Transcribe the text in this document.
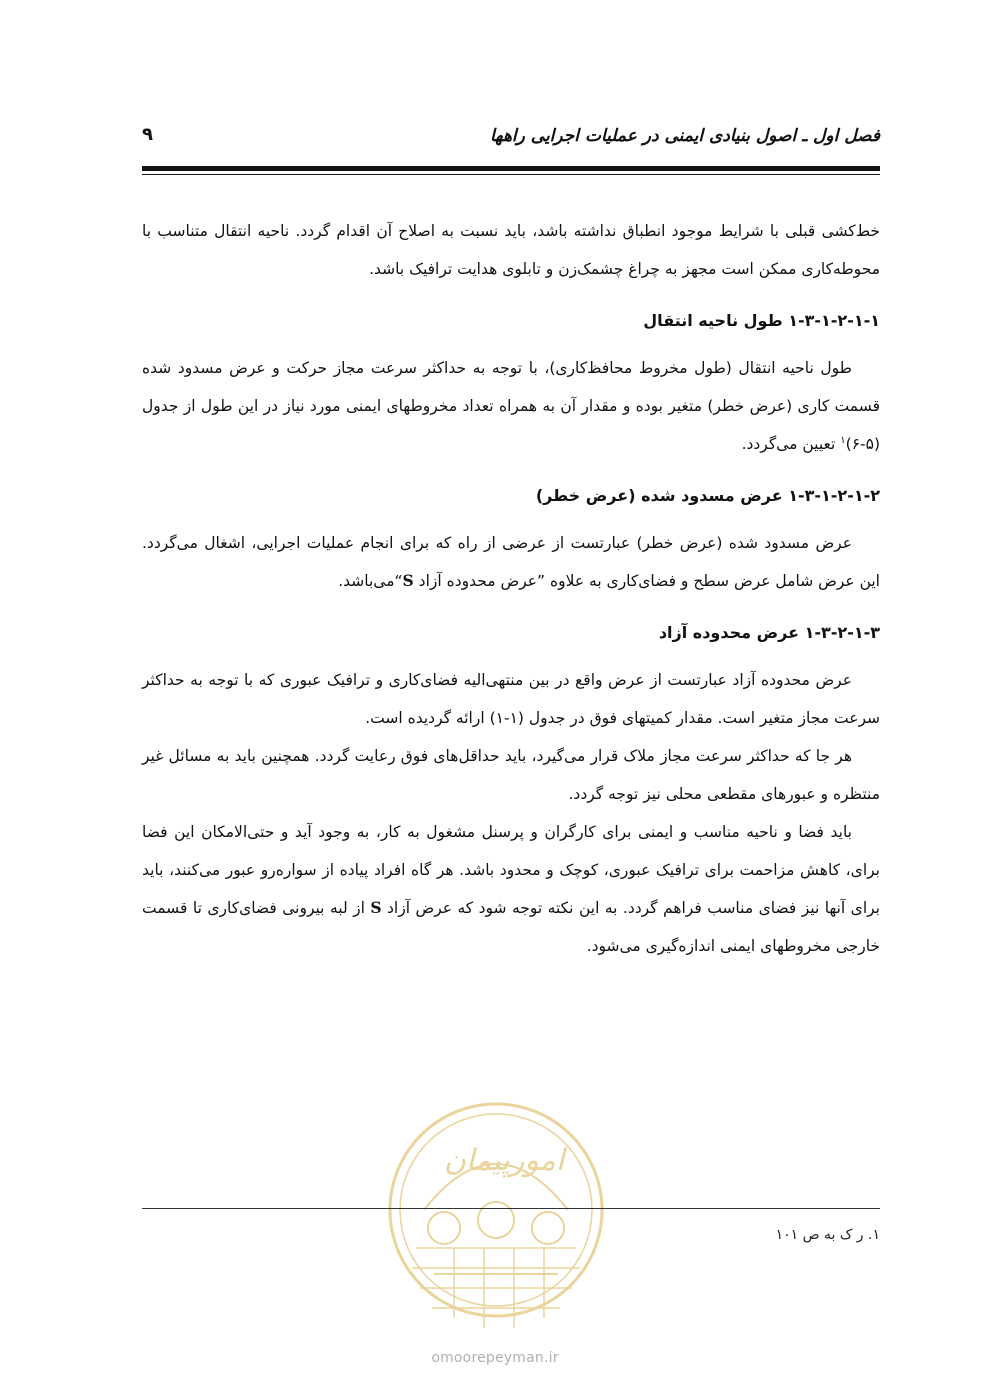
فصل اول ـ اصول بنیادی ایمنی در عملیات اجرایی راهها
۹

خط‌کشی قبلی با شرایط موجود انطباق نداشته باشد، باید نسبت به اصلاح آن اقدام گردد. ناحیه انتقال متناسب با محوطه‌کاری ممکن است مجهز به چراغ چشمک‌زن و تابلوی هدایت ترافیک باشد.

۱-۳-۱-۲-۱-۱ طول ناحیه انتقال

طول ناحیه انتقال (طول مخروط محافظ‌کاری)، با توجه به حداکثر سرعت مجاز حرکت و عرض مسدود شده قسمت کاری (عرض خطر) متغیر بوده و مقدار آن به همراه تعداد مخروطهای ایمنی مورد نیاز در این طول از جدول (۵-۶)$^۱$ تعیین می‌گردد.

۱-۳-۱-۲-۱-۲ عرض مسدود شده (عرض خطر)

عرض مسدود شده (عرض خطر) عبارتست از عرضی از راه که برای انجام عملیات اجرایی، اشغال می‌گردد. این عرض شامل عرض سطح و فضای‌کاری به علاوه ”عرض محدوده آزاد S“می‌باشد.

۱-۳-۲-۱-۳ عرض محدوده آزاد

عرض محدوده آزاد عبارتست از عرض واقع در بین منتهی‌الیه فضای‌کاری و ترافیک عبوری که با توجه به حداکثر سرعت مجاز متغیر است. مقدار کمیتهای فوق در جدول (۱-۱) ارائه گردیده است.

هر جا که حداکثر سرعت مجاز ملاک قرار می‌گیرد، باید حداقل‌های فوق رعایت گردد. همچنین باید به مسائل غیر منتظره و عبورهای مقطعی محلی نیز توجه گردد.

باید فضا و ناحیه مناسب و ایمنی برای کارگران و پرسنل مشغول به کار، به وجود آید و حتی‌الامکان این فضا برای، کاهش مزاحمت برای ترافیک عبوری، کوچک و محدود باشد. هر گاه افراد پیاده از سواره‌رو عبور می‌کنند، باید برای آنها نیز فضای مناسب فراهم گردد. به این نکته توجه شود که عرض آزاد S از لبه بیرونی فضای‌کاری تا قسمت خارجی مخروطهای ایمنی اندازه‌گیری می‌شود.

امورپیمان
omoorepeyman.ir
۱. ر ک به ص ۱۰۱
